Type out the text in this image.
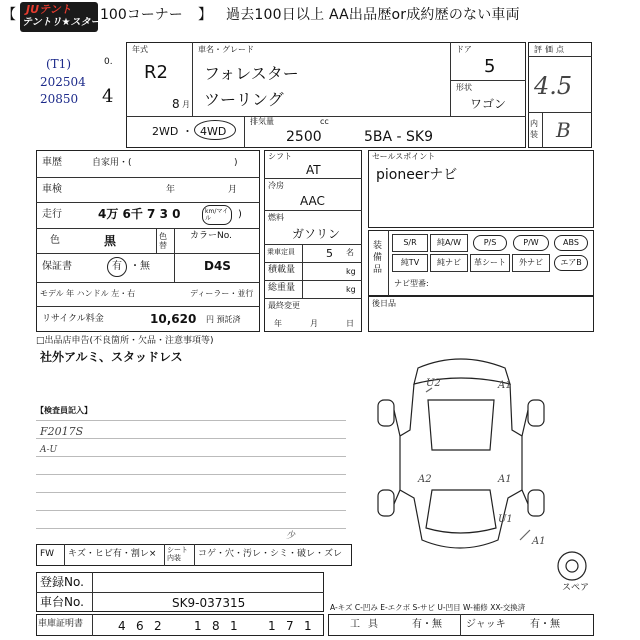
【 JUテント
テントリ★スター 100コーナー 】 過去100日以上 AA出品歴or成約歴のない車両
(T1)
202504
20850
0.
4
年式
R2
8 月
車名・グレード
フォレスター
ツーリング
ドア
5
形状
ワゴン
2WD ・ 4WD
排気量	cc
2500	5BA - SK9
評価点
4.5
内装 B
車歴	自家用・(	)
車検	年	月
走行	4万 6千 7 3 0	km/マイル	)
色	黒	色替
カラーNo.
保証書	有 ・無	D4S
モデル 年 ハンドル 左・右	ディーラー・並行
リサイクル料金	10,620 円 預託済
シフト
AT
冷房
AAC
燃料
ガソリン
乗車定員	5 名
積載量	kg
総重量	kg
最終変更
年	月	日
セールスポイント
pioneerナビ
装備品
S/R	純A/W	P/S	P/W	ABS
純TV	純ナビ	革シート	外ナビ	エアB
ナビ型番:
後日品
□出品店申告(不良箇所・欠品・注意事項等)
社外アルミ、スタッドレス
【検査員記入】
F2017S
A-U
U2	A1
A2	A1
U1
A1
スペア
FW キズ・ヒビ有・割レ× シート内装	コゲ・穴・汚レ・シミ・破レ・ズレ
少
登録No.
車台No.	SK9-037315
車庫証明書	4 6 2	1 8 1	1 7 1
A-キズ C-凹み E-エクボ S-サビ U-凹目 W-補修 XX-交換済
工具	有・無 ジャッキ 有・無
